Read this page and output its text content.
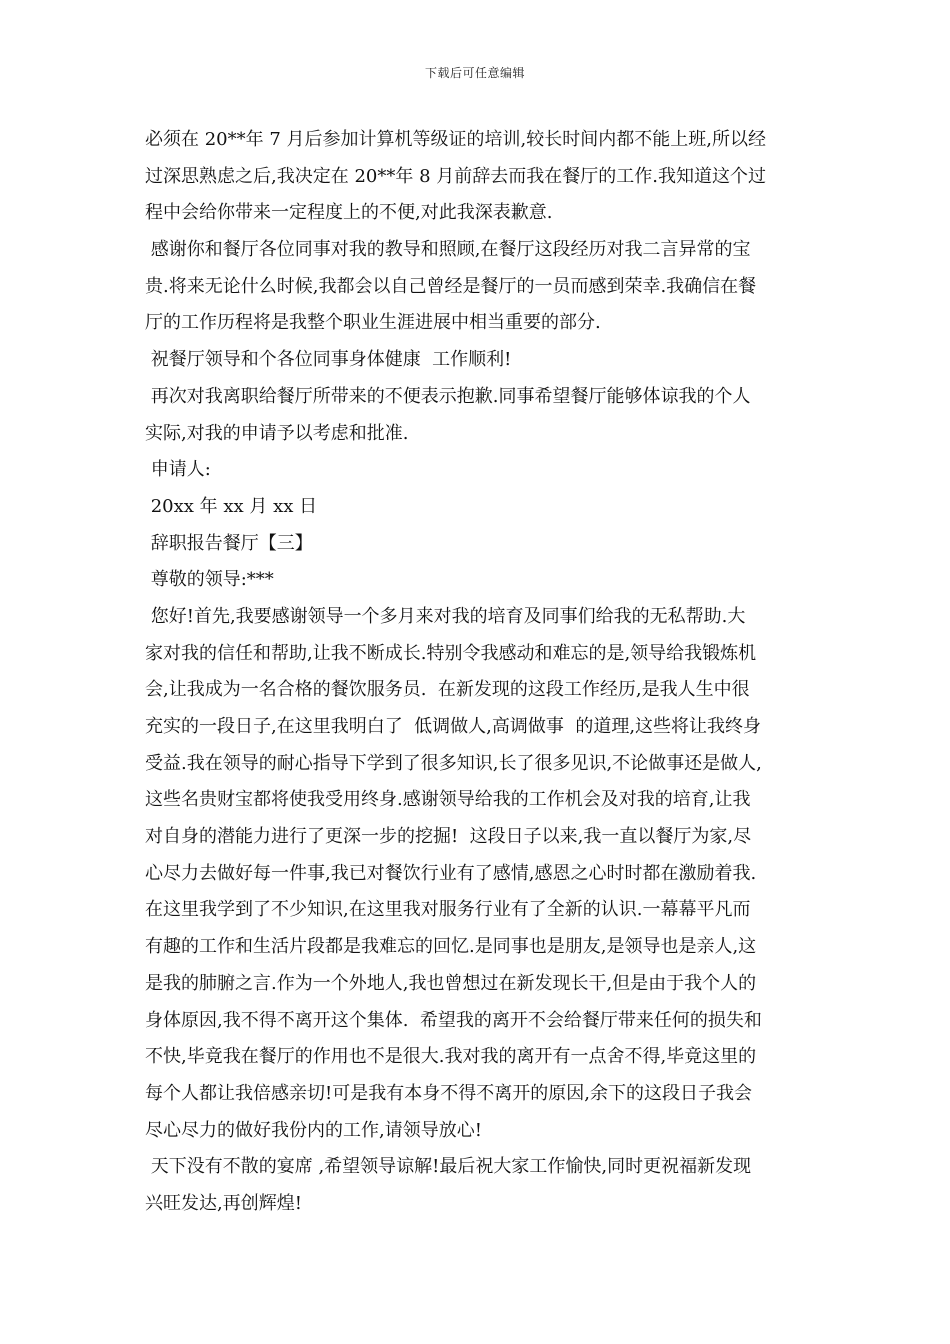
下载后可任意编辑
必须在 20**年 7 月后参加计算机等级证的培训,较长时间内都不能上班,所以经
过深思熟虑之后,我决定在 20**年 8 月前辞去而我在餐厅的工作.我知道这个过
程中会给你带来一定程度上的不便,对此我深表歉意.
感谢你和餐厅各位同事对我的教导和照顾,在餐厅这段经历对我二言异常的宝
贵.将来无论什么时候,我都会以自己曾经是餐厅的一员而感到荣幸.我确信在餐
厅的工作历程将是我整个职业生涯进展中相当重要的部分.
祝餐厅领导和个各位同事身体健康  工作顺利!
再次对我离职给餐厅所带来的不便表示抱歉.同事希望餐厅能够体谅我的个人
实际,对我的申请予以考虑和批准.
申请人:
20xx 年 xx 月 xx 日
辞职报告餐厅【三】
尊敬的领导:***
您好!首先,我要感谢领导一个多月来对我的培育及同事们给我的无私帮助.大
家对我的信任和帮助,让我不断成长.特别令我感动和难忘的是,领导给我锻炼机
会,让我成为一名合格的餐饮服务员.  在新发现的这段工作经历,是我人生中很
充实的一段日子,在这里我明白了  低调做人,高调做事  的道理,这些将让我终身
受益.我在领导的耐心指导下学到了很多知识,长了很多见识,不论做事还是做人,
这些名贵财宝都将使我受用终身.感谢领导给我的工作机会及对我的培育,让我
对自身的潜能力进行了更深一步的挖掘!  这段日子以来,我一直以餐厅为家,尽
心尽力去做好每一件事,我已对餐饮行业有了感情,感恩之心时时都在激励着我.
在这里我学到了不少知识,在这里我对服务行业有了全新的认识.一幕幕平凡而
有趣的工作和生活片段都是我难忘的回忆.是同事也是朋友,是领导也是亲人,这
是我的肺腑之言.作为一个外地人,我也曾想过在新发现长干,但是由于我个人的
身体原因,我不得不离开这个集体.  希望我的离开不会给餐厅带来任何的损失和
不快,毕竟我在餐厅的作用也不是很大.我对我的离开有一点舍不得,毕竟这里的
每个人都让我倍感亲切!可是我有本身不得不离开的原因,余下的这段日子我会
尽心尽力的做好我份内的工作,请领导放心!
天下没有不散的宴席 ,希望领导谅解!最后祝大家工作愉快,同时更祝福新发现
兴旺发达,再创辉煌!
